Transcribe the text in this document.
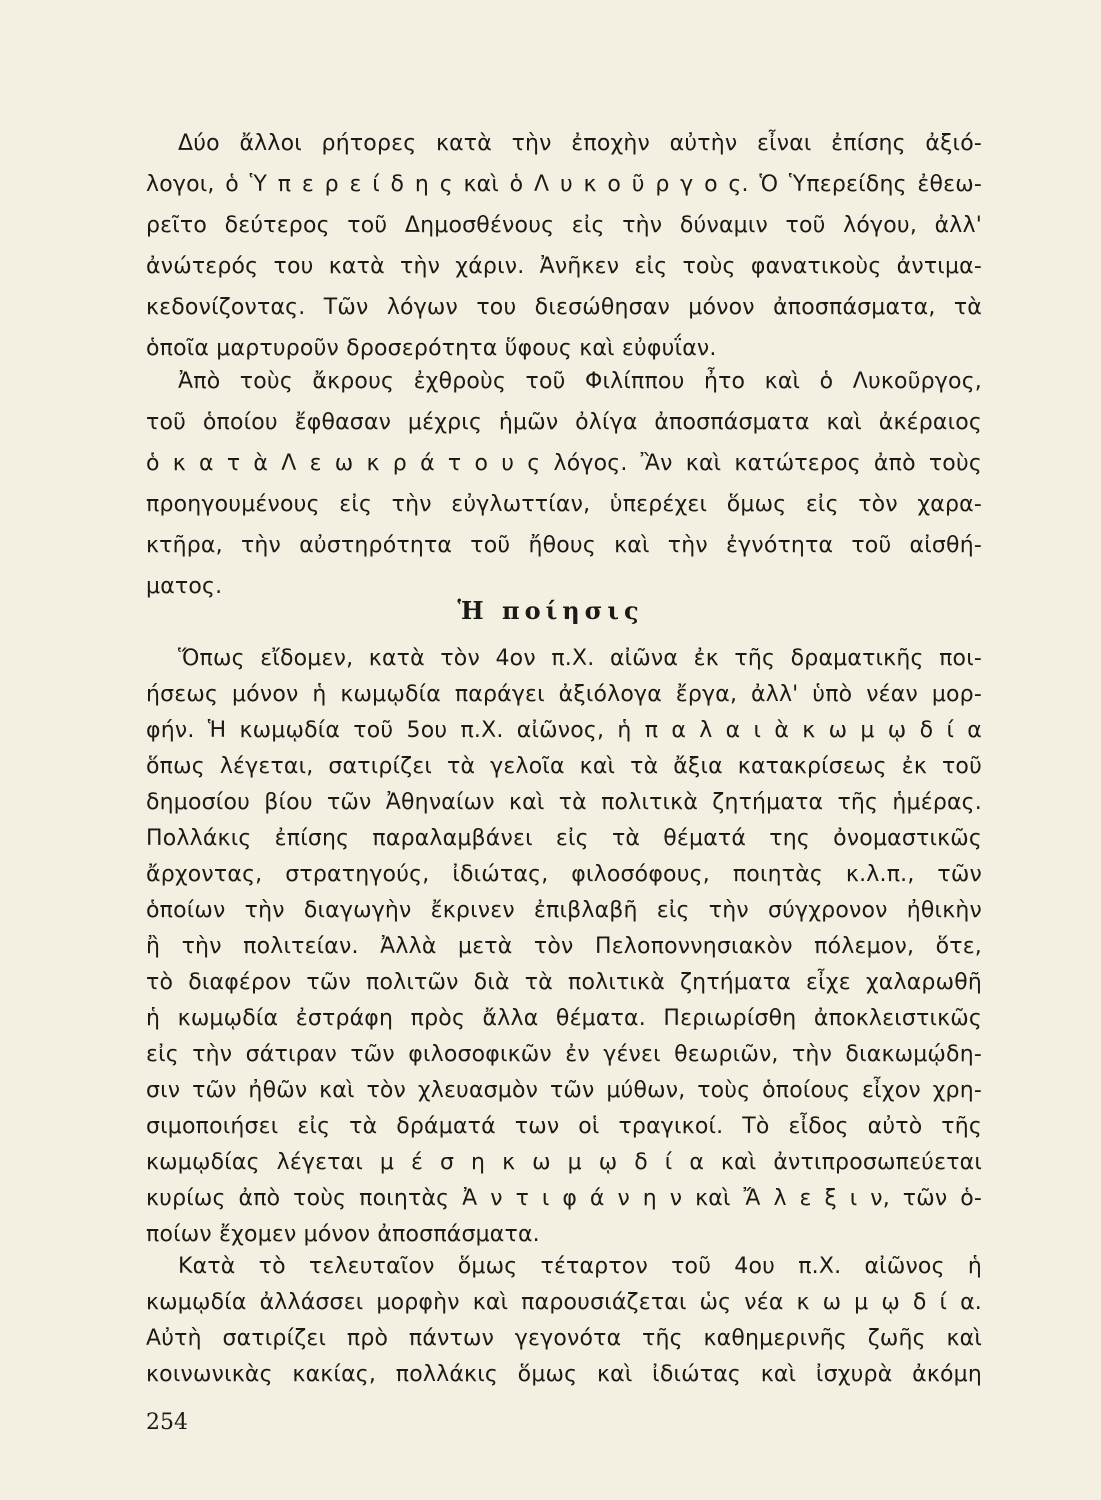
Δύο ἄλλοι ρήτορες κατὰ τὴν ἐποχὴν αὐτὴν εἶναι ἐπίσης ἀξιό-
λογοι, ὁ Ὑ π ε ρ ε ί δ η ς καὶ ὁ Λ υ κ ο ῦ ρ γ ο ς. Ὁ Ὑπερείδης ἐθεω-
ρεῖτο δεύτερος τοῦ Δημοσθένους εἰς τὴν δύναμιν τοῦ λόγου, ἀλλ'
ἀνώτερός του κατὰ τὴν χάριν. Ἀνῆκεν εἰς τοὺς φανατικοὺς ἀντιμα-
κεδονίζοντας. Τῶν λόγων του διεσώθησαν μόνον ἀποσπάσματα, τὰ
ὁποῖα μαρτυροῦν δροσερότητα ὕφους καὶ εὐφυΐαν.
Ἀπὸ τοὺς ἄκρους ἐχθροὺς τοῦ Φιλίππου ἦτο καὶ ὁ Λυκοῦργος,
τοῦ ὁποίου ἔφθασαν μέχρις ἡμῶν ὀλίγα ἀποσπάσματα καὶ ἀκέραιος
ὁ κ α τ ὰ Λ ε ω κ ρ ά τ ο υ ς λόγος. Ἂν καὶ κατώτερος ἀπὸ τοὺς
προηγουμένους εἰς τὴν εὐγλωττίαν, ὑπερέχει ὅμως εἰς τὸν χαρα-
κτῆρα, τὴν αὐστηρότητα τοῦ ἤθους καὶ τὴν ἐγνότητα τοῦ αἰσθή-
ματος.
Ἡ ποίησις
Ὅπως εἴδομεν, κατὰ τὸν 4ον π.Χ. αἰῶνα ἐκ τῆς δραματικῆς ποι-
ήσεως μόνον ἡ κωμῳδία παράγει ἀξιόλογα ἔργα, ἀλλ' ὑπὸ νέαν μορ-
φήν. Ἡ κωμῳδία τοῦ 5ου π.Χ. αἰῶνος, ἡ π α λ α ι ὰ κ ω μ ῳ δ ί α
ὅπως λέγεται, σατιρίζει τὰ γελοῖα καὶ τὰ ἄξια κατακρίσεως ἐκ τοῦ
δημοσίου βίου τῶν Ἀθηναίων καὶ τὰ πολιτικὰ ζητήματα τῆς ἡμέρας.
Πολλάκις ἐπίσης παραλαμβάνει εἰς τὰ θέματά της ὀνομαστικῶς
ἄρχοντας, στρατηγούς, ἰδιώτας, φιλοσόφους, ποιητὰς κ.λ.π., τῶν
ὁποίων τὴν διαγωγὴν ἔκρινεν ἐπιβλαβῆ εἰς τὴν σύγχρονον ἠθικὴν
ἢ τὴν πολιτείαν. Ἀλλὰ μετὰ τὸν Πελοποννησιακὸν πόλεμον, ὅτε,
τὸ διαφέρον τῶν πολιτῶν διὰ τὰ πολιτικὰ ζητήματα εἶχε χαλαρωθῆ
ἡ κωμῳδία ἐστράφη πρὸς ἄλλα θέματα. Περιωρίσθη ἀποκλειστικῶς
εἰς τὴν σάτιραν τῶν φιλοσοφικῶν ἐν γένει θεωριῶν, τὴν διακωμῴδη-
σιν τῶν ἠθῶν καὶ τὸν χλευασμὸν τῶν μύθων, τοὺς ὁποίους εἶχον χρη-
σιμοποιήσει εἰς τὰ δράματά των οἱ τραγικοί. Τὸ εἶδος αὐτὸ τῆς
κωμῳδίας λέγεται μ έ σ η κ ω μ ῳ δ ί α καὶ ἀντιπροσωπεύεται
κυρίως ἀπὸ τοὺς ποιητὰς Ἀ ν τ ι φ ά ν η ν καὶ Ἄ λ ε ξ ι ν, τῶν ὁ-
ποίων ἔχομεν μόνον ἀποσπάσματα.
Κατὰ τὸ τελευταῖον ὅμως τέταρτον τοῦ 4ου π.Χ. αἰῶνος ἡ
254
κωμῳδία ἀλλάσσει μορφὴν καὶ παρουσιάζεται ὡς νέα κ ω μ ῳ δ ί α.
Αὐτὴ σατιρίζει πρὸ πάντων γεγονότα τῆς καθημερινῆς ζωῆς καὶ
κοινωνικὰς κακίας, πολλάκις ὅμως καὶ ἰδιώτας καὶ ἰσχυρὰ ἀκόμη
